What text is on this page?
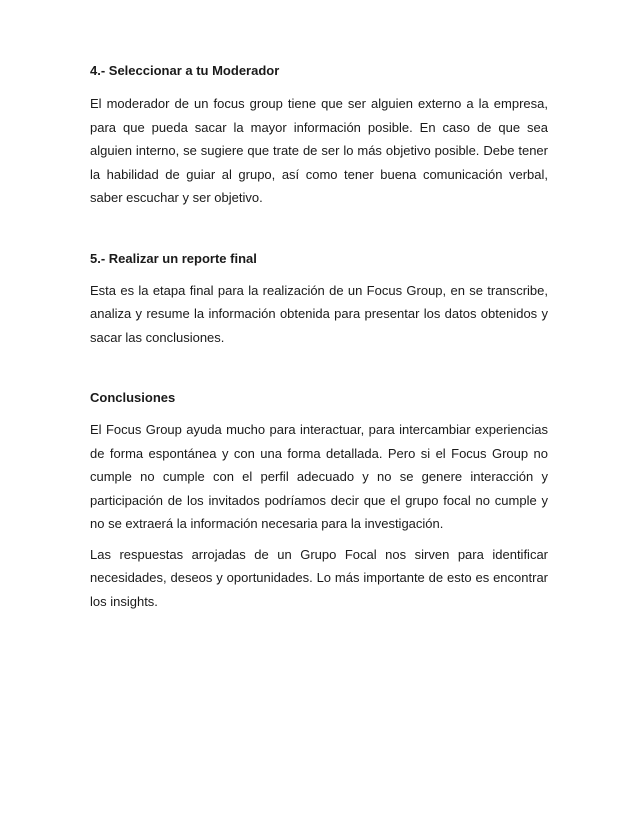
4.- Seleccionar a tu Moderador

El moderador de un focus group tiene que ser alguien externo a la empresa, para que pueda sacar la mayor información posible. En caso de que sea alguien interno, se sugiere que trate de ser lo más objetivo posible. Debe tener la habilidad de guiar al grupo, así como tener buena comunicación verbal, saber escuchar y ser objetivo.

5.- Realizar un reporte final

Esta es la etapa final para la realización de un Focus Group, en se transcribe, analiza y resume la información obtenida para presentar los datos obtenidos y sacar las conclusiones.

Conclusiones

El Focus Group ayuda mucho para interactuar, para intercambiar experiencias de forma espontánea y con una forma detallada. Pero si el Focus Group no cumple no cumple con el perfil adecuado y no se genere interacción y participación de los invitados podríamos decir que el grupo focal no cumple y no se extraerá la información necesaria para la investigación.

Las respuestas arrojadas de un Grupo Focal nos sirven para identificar necesidades, deseos y oportunidades. Lo más importante de esto es encontrar los insights.
